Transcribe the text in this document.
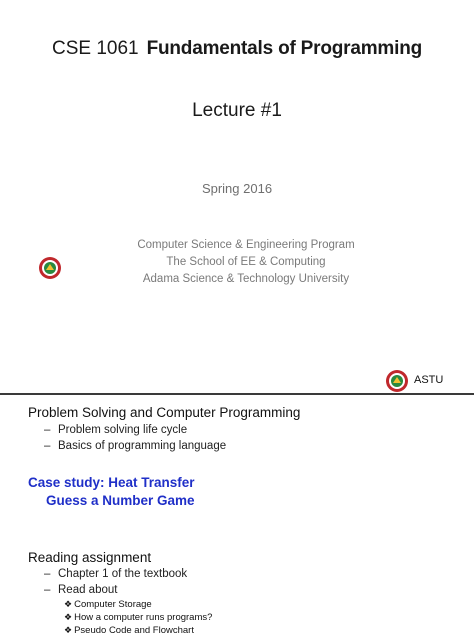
CSE 1061 Fundamentals of Programming
Lecture #1
Spring 2016
Computer Science & Engineering Program
The School of EE & Computing
Adama Science & Technology University
ASTU
Problem Solving and Computer Programming
– Problem solving life cycle
– Basics of programming language
Case study: Heat Transfer
Guess a Number Game
Reading assignment
– Chapter 1 of the textbook
– Read about
❖ Computer Storage
❖ How a computer runs programs?
❖ Pseudo Code and Flowchart
